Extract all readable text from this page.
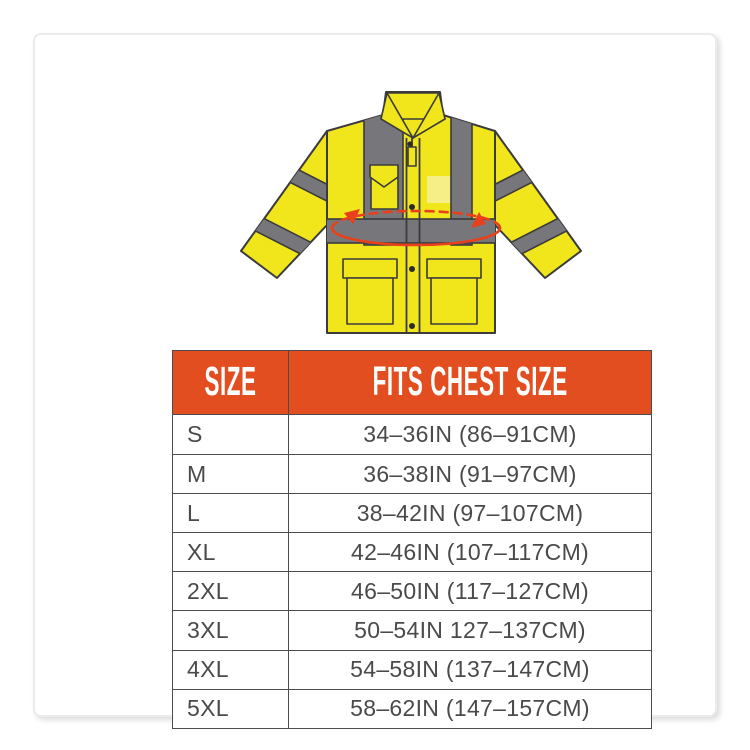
SIZE	FITS CHEST SIZE
S	34–36IN (86–91CM)
M	36–38IN (91–97CM)
L	38–42IN (97–107CM)
XL	42–46IN (107–117CM)
2XL	46–50IN (117–127CM)
3XL	50–54IN 127–137CM)
4XL	54–58IN (137–147CM)
5XL	58–62IN (147–157CM)
